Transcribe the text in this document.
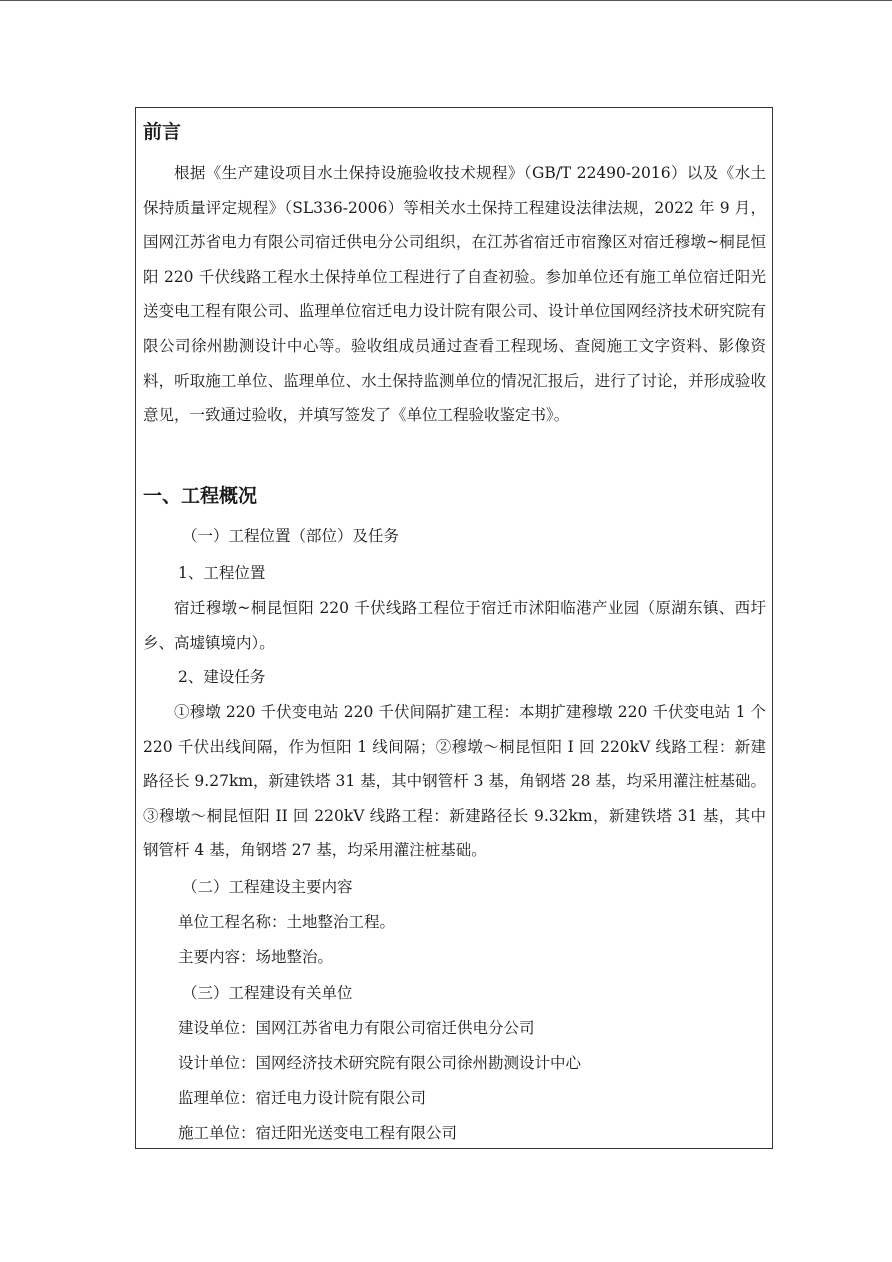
前言

根据《生产建设项目水土保持设施验收技术规程》（GB/T 22490-2016）以及《水土保持质量评定规程》（SL336-2006）等相关水土保持工程建设法律法规，2022 年 9 月，国网江苏省电力有限公司宿迁供电分公司组织，在江苏省宿迁市宿豫区对宿迁穆墩~桐昆恒阳 220 千伏线路工程水土保持单位工程进行了自查初验。参加单位还有施工单位宿迁阳光送变电工程有限公司、监理单位宿迁电力设计院有限公司、设计单位国网经济技术研究院有限公司徐州勘测设计中心等。验收组成员通过查看工程现场、查阅施工文字资料、影像资料，听取施工单位、监理单位、水土保持监测单位的情况汇报后，进行了讨论，并形成验收意见，一致通过验收，并填写签发了《单位工程验收鉴定书》。

一、工程概况

（一）工程位置（部位）及任务

1、工程位置

宿迁穆墩~桐昆恒阳 220 千伏线路工程位于宿迁市沭阳临港产业园（原湖东镇、西圩乡、高墟镇境内）。

2、建设任务

①穆墩 220 千伏变电站 220 千伏间隔扩建工程：本期扩建穆墩 220 千伏变电站 1 个 220 千伏出线间隔，作为恒阳 1 线间隔；②穆墩～桐昆恒阳 I 回 220kV 线路工程：新建路径长 9.27km，新建铁塔 31 基，其中钢管杆 3 基，角钢塔 28 基，均采用灌注桩基础。③穆墩～桐昆恒阳 II 回 220kV 线路工程：新建路径长 9.32km，新建铁塔 31 基，其中钢管杆 4 基，角钢塔 27 基，均采用灌注桩基础。

（二）工程建设主要内容

单位工程名称：土地整治工程。

主要内容：场地整治。

（三）工程建设有关单位

建设单位：国网江苏省电力有限公司宿迁供电分公司

设计单位：国网经济技术研究院有限公司徐州勘测设计中心

监理单位：宿迁电力设计院有限公司

施工单位：宿迁阳光送变电工程有限公司
